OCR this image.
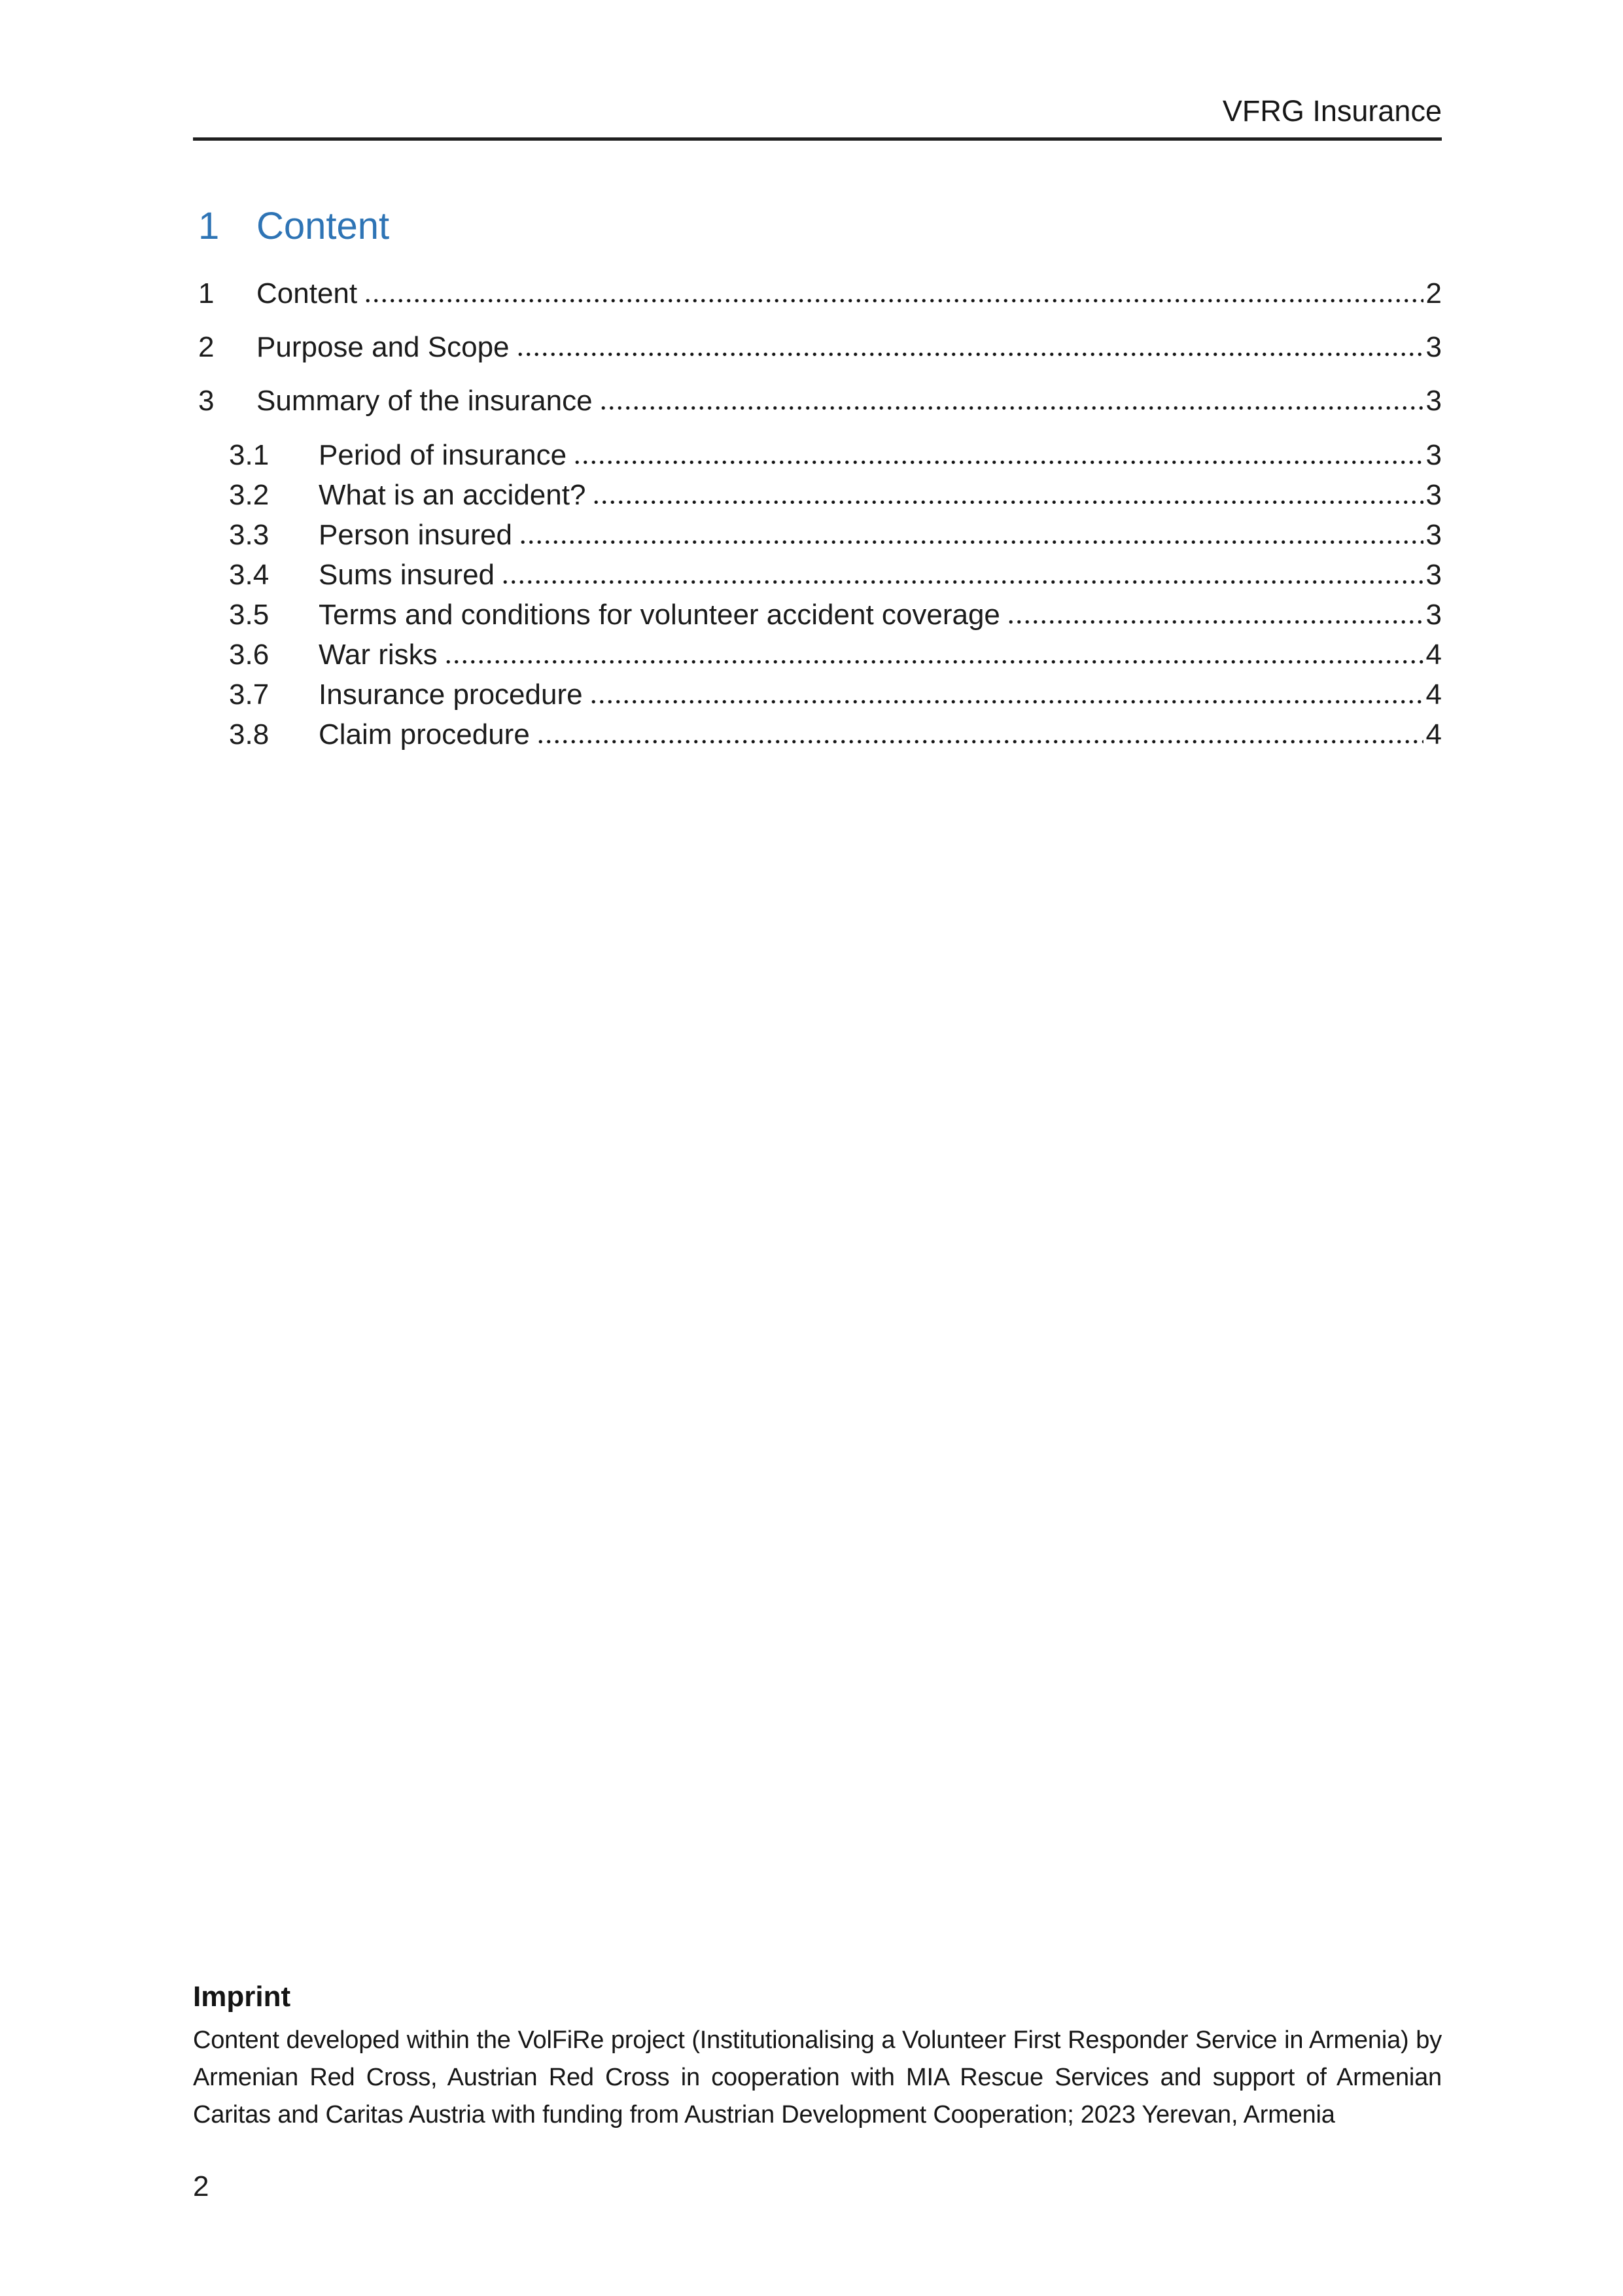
VFRG Insurance
1 Content
1	Content	2
2	Purpose and Scope	3
3	Summary of the insurance	3
3.1	Period of insurance	3
3.2	What is an accident?	3
3.3	Person insured	3
3.4	Sums insured	3
3.5	Terms and conditions for volunteer accident coverage	3
3.6	War risks	4
3.7	Insurance procedure	4
3.8	Claim procedure	4
Imprint

Content developed within the VolFiRe project (Institutionalising a Volunteer First Responder Service in Armenia) by Armenian Red Cross, Austrian Red Cross in cooperation with MIA Rescue Services and support of Armenian Caritas and Caritas Austria with funding from Austrian Development Cooperation; 2023 Yerevan, Armenia

2
